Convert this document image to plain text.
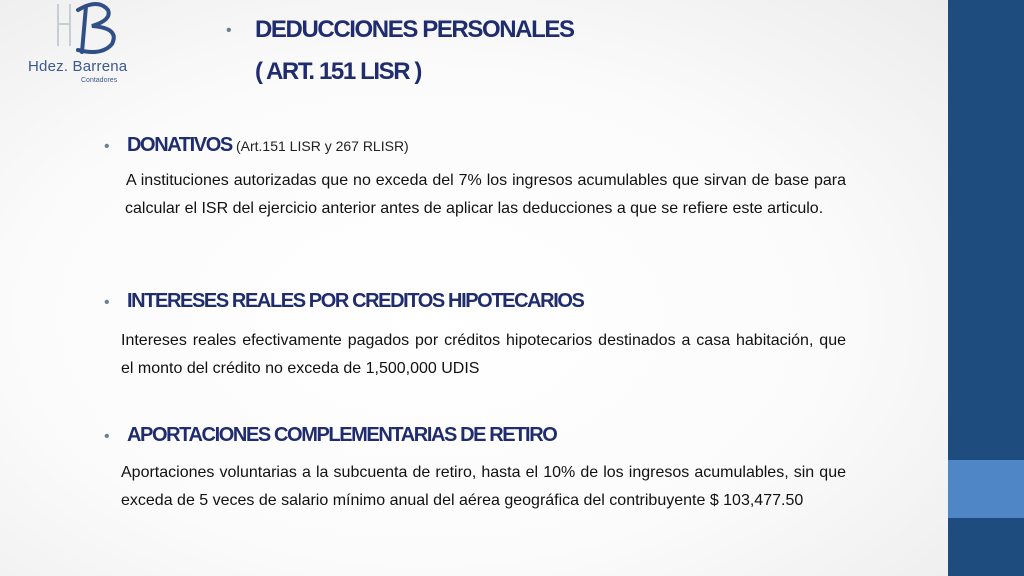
Hdez. Barrena
Contadores
• DEDUCCIONES PERSONALES
( ART. 151 LISR )
• DONATIVOS (Art.151 LISR y 267 RLISR)
A instituciones autorizadas que no exceda del 7% los ingresos acumulables que sirvan de base para calcular el ISR del ejercicio anterior antes de aplicar las deducciones a que se refiere este articulo.
• INTERESES REALES POR CREDITOS HIPOTECARIOS
Intereses reales efectivamente pagados por créditos hipotecarios destinados a casa habitación, que el monto del crédito no exceda de 1,500,000 UDIS
• APORTACIONES COMPLEMENTARIAS DE RETIRO
Aportaciones voluntarias a la subcuenta de retiro, hasta el 10% de los ingresos acumulables, sin que exceda de 5 veces de salario mínimo anual del aérea geográfica del contribuyente $ 103,477.50
